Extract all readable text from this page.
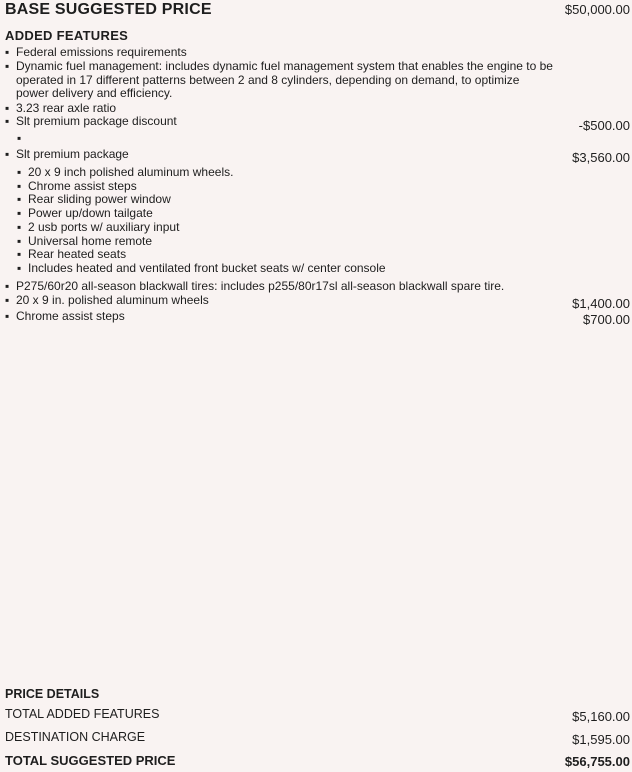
BASE SUGGESTED PRICE	$50,000.00
ADDED FEATURES
▪ Federal emissions requirements
▪ Dynamic fuel management: includes dynamic fuel management system that enables the engine to be operated in 17 different patterns between 2 and 8 cylinders, depending on demand, to optimize power delivery and efficiency.
▪ 3.23 rear axle ratio
▪ Slt premium package discount	-$500.00
▪
▪ Slt premium package	$3,560.00
▪ 20 x 9 inch polished aluminum wheels.
▪ Chrome assist steps
▪ Rear sliding power window
▪ Power up/down tailgate
▪ 2 usb ports w/ auxiliary input
▪ Universal home remote
▪ Rear heated seats
▪ Includes heated and ventilated front bucket seats w/ center console
▪ P275/60r20 all-season blackwall tires: includes p255/80r17sl all-season blackwall spare tire.
▪ 20 x 9 in. polished aluminum wheels	$1,400.00
▪ Chrome assist steps	$700.00
PRICE DETAILS
TOTAL ADDED FEATURES	$5,160.00
DESTINATION CHARGE	$1,595.00
TOTAL SUGGESTED PRICE	$56,755.00
